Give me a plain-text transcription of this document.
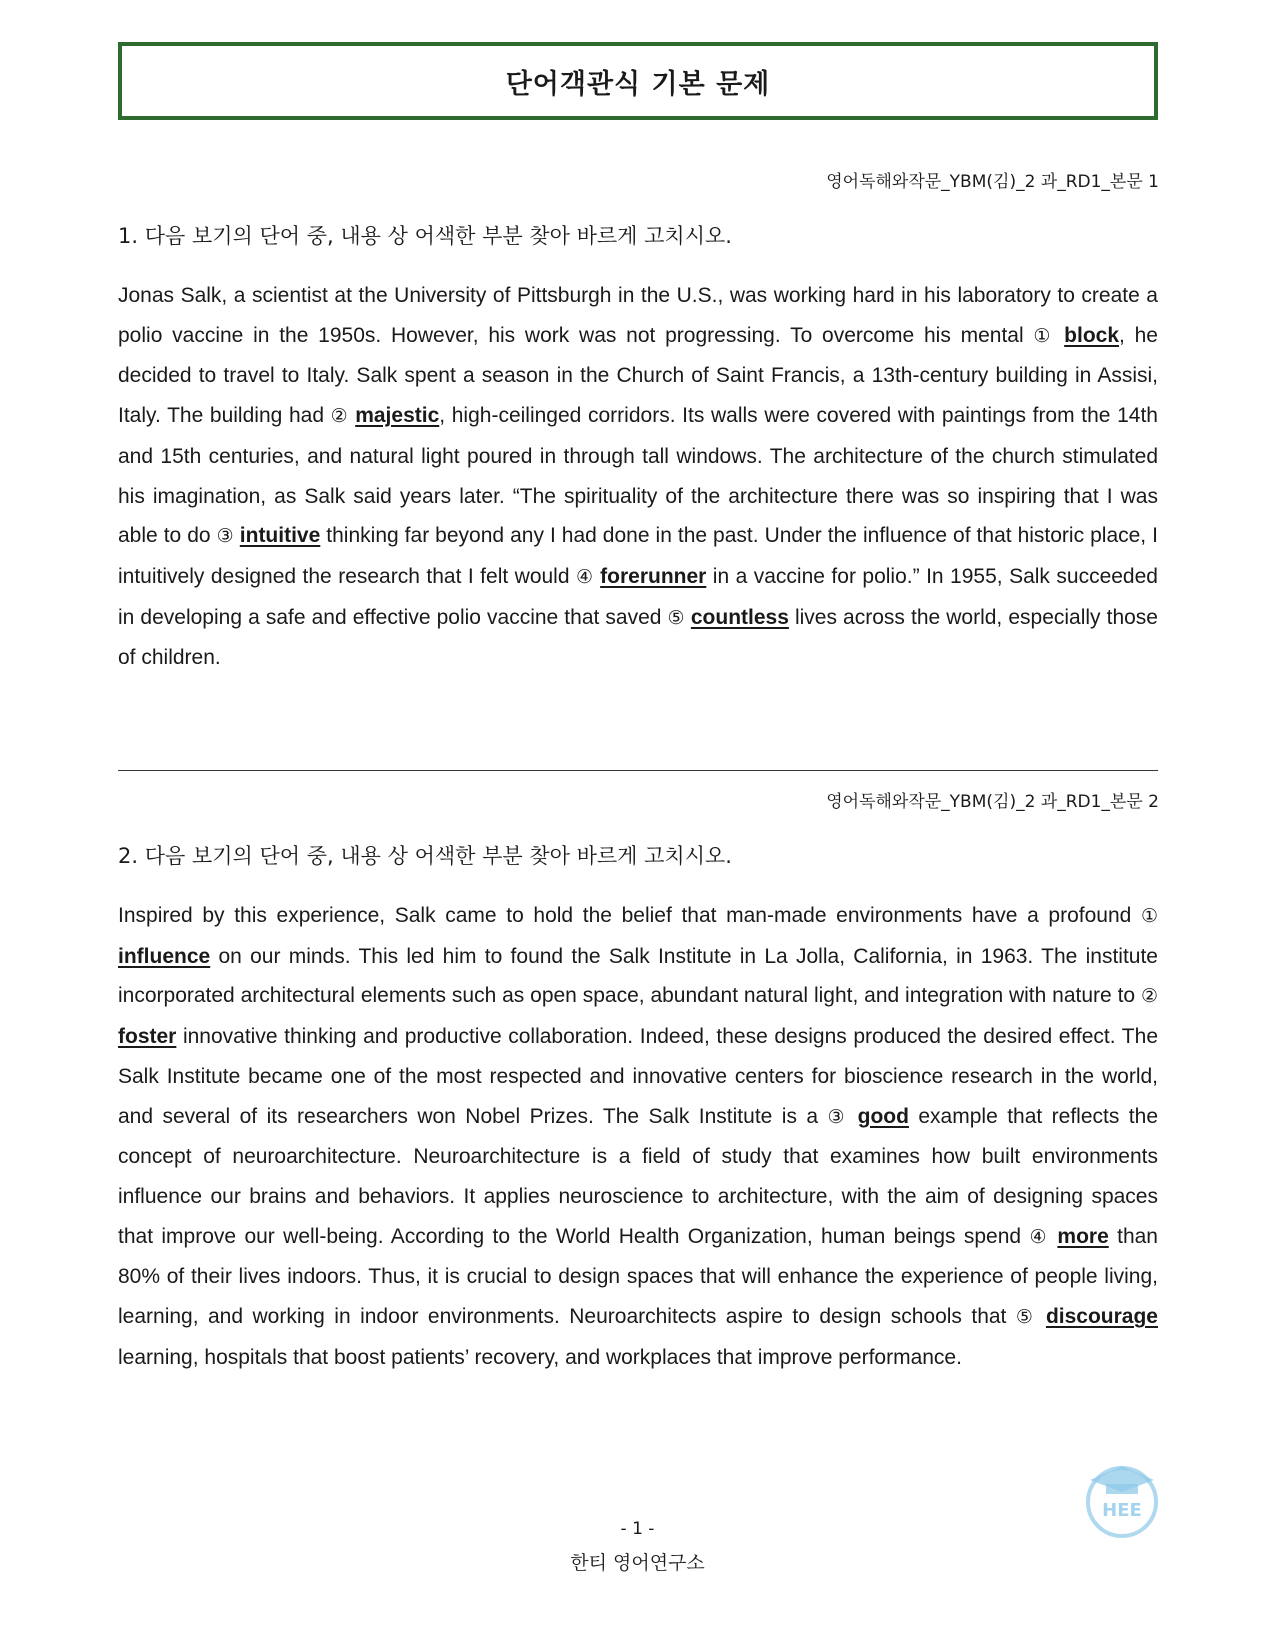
단어객관식 기본 문제
영어독해와작문_YBM(김)_2 과_RD1_본문 1
1. 다음 보기의 단어 중, 내용 상 어색한 부분 찾아 바르게 고치시오.
Jonas Salk, a scientist at the University of Pittsburgh in the U.S., was working hard in his laboratory to create a polio vaccine in the 1950s. However, his work was not progressing. To overcome his mental ① block, he decided to travel to Italy. Salk spent a season in the Church of Saint Francis, a 13th-century building in Assisi, Italy. The building had ② majestic, high-ceilinged corridors. Its walls were covered with paintings from the 14th and 15th centuries, and natural light poured in through tall windows. The architecture of the church stimulated his imagination, as Salk said years later. “The spirituality of the architecture there was so inspiring that I was able to do ③ intuitive thinking far beyond any I had done in the past. Under the influence of that historic place, I intuitively designed the research that I felt would ④ forerunner in a vaccine for polio.” In 1955, Salk succeeded in developing a safe and effective polio vaccine that saved ⑤ countless lives across the world, especially those of children.
영어독해와작문_YBM(김)_2 과_RD1_본문 2
2. 다음 보기의 단어 중, 내용 상 어색한 부분 찾아 바르게 고치시오.
Inspired by this experience, Salk came to hold the belief that man-made environments have a profound ① influence on our minds. This led him to found the Salk Institute in La Jolla, California, in 1963. The institute incorporated architectural elements such as open space, abundant natural light, and integration with nature to ② foster innovative thinking and productive collaboration. Indeed, these designs produced the desired effect. The Salk Institute became one of the most respected and innovative centers for bioscience research in the world, and several of its researchers won Nobel Prizes. The Salk Institute is a ③ good example that reflects the concept of neuroarchitecture. Neuroarchitecture is a field of study that examines how built environments influence our brains and behaviors. It applies neuroscience to architecture, with the aim of designing spaces that improve our well-being. According to the World Health Organization, human beings spend ④ more than 80% of their lives indoors. Thus, it is crucial to design spaces that will enhance the experience of people living, learning, and working in indoor environments. Neuroarchitects aspire to design schools that ⑤ discourage learning, hospitals that boost patients’ recovery, and workplaces that improve performance.
- 1 -
한티 영어연구소
HEE
